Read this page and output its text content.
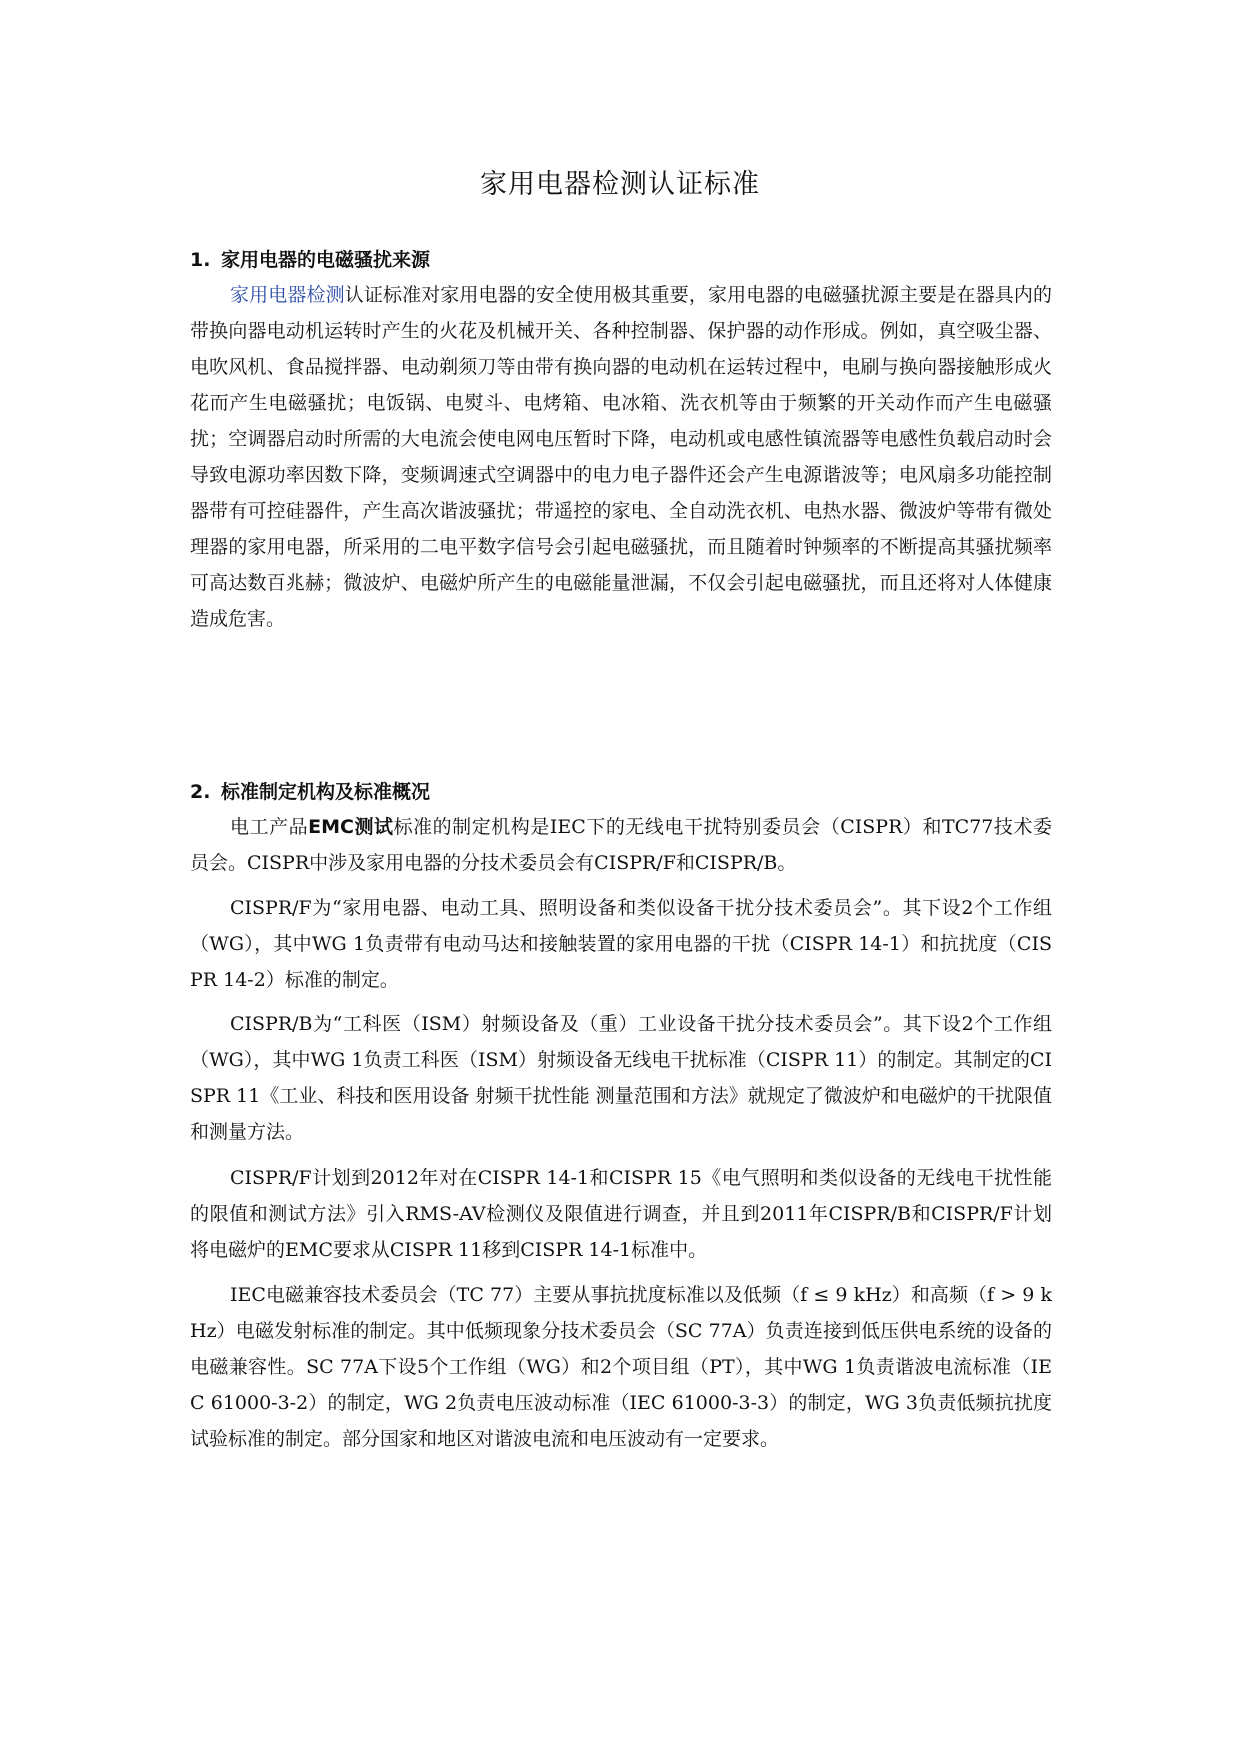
家用电器检测认证标准
1. 家用电器的电磁骚扰来源

家用电器检测认证标准对家用电器的安全使用极其重要，家用电器的电磁骚扰源主要是在器具内的带换向器电动机运转时产生的火花及机械开关、各种控制器、保护器的动作形成。例如，真空吸尘器、电吹风机、食品搅拌器、电动剃须刀等由带有换向器的电动机在运转过程中，电刷与换向器接触形成火花而产生电磁骚扰；电饭锅、电熨斗、电烤箱、电冰箱、洗衣机等由于频繁的开关动作而产生电磁骚扰；空调器启动时所需的大电流会使电网电压暂时下降，电动机或电感性镇流器等电感性负载启动时会导致电源功率因数下降，变频调速式空调器中的电力电子器件还会产生电源谐波等；电风扇多功能控制器带有可控硅器件，产生高次谐波骚扰；带遥控的家电、全自动洗衣机、电热水器、微波炉等带有微处理器的家用电器，所采用的二电平数字信号会引起电磁骚扰，而且随着时钟频率的不断提高其骚扰频率可高达数百兆赫；微波炉、电磁炉所产生的电磁能量泄漏，不仅会引起电磁骚扰，而且还将对人体健康造成危害。

2. 标准制定机构及标准概况

电工产品EMC测试标准的制定机构是IEC下的无线电干扰特别委员会（CISPR）和TC77技术委员会。CISPR中涉及家用电器的分技术委员会有CISPR/F和CISPR/B。

CISPR/F为“家用电器、电动工具、照明设备和类似设备干扰分技术委员会”。其下设2个工作组（WG），其中WG 1负责带有电动马达和接触装置的家用电器的干扰（CISPR 14-1）和抗扰度（CISPR 14-2）标准的制定。

CISPR/B为“工科医（ISM）射频设备及（重）工业设备干扰分技术委员会”。其下设2个工作组（WG），其中WG 1负责工科医（ISM）射频设备无线电干扰标准（CISPR 11）的制定。其制定的CISPR 11《工业、科技和医用设备 射频干扰性能 测量范围和方法》就规定了微波炉和电磁炉的干扰限值和测量方法。

CISPR/F计划到2012年对在CISPR 14-1和CISPR 15《电气照明和类似设备的无线电干扰性能的限值和测试方法》引入RMS-AV检测仪及限值进行调查，并且到2011年CISPR/B和CISPR/F计划将电磁炉的EMC要求从CISPR 11移到CISPR 14-1标准中。

IEC电磁兼容技术委员会（TC 77）主要从事抗扰度标准以及低频（f ≤ 9 kHz）和高频（f > 9 kHz）电磁发射标准的制定。其中低频现象分技术委员会（SC 77A）负责连接到低压供电系统的设备的电磁兼容性。SC 77A下设5个工作组（WG）和2个项目组（PT），其中WG 1负责谐波电流标准（IEC 61000-3-2）的制定，WG 2负责电压波动标准（IEC 61000-3-3）的制定，WG 3负责低频抗扰度试验标准的制定。部分国家和地区对谐波电流和电压波动有一定要求。
